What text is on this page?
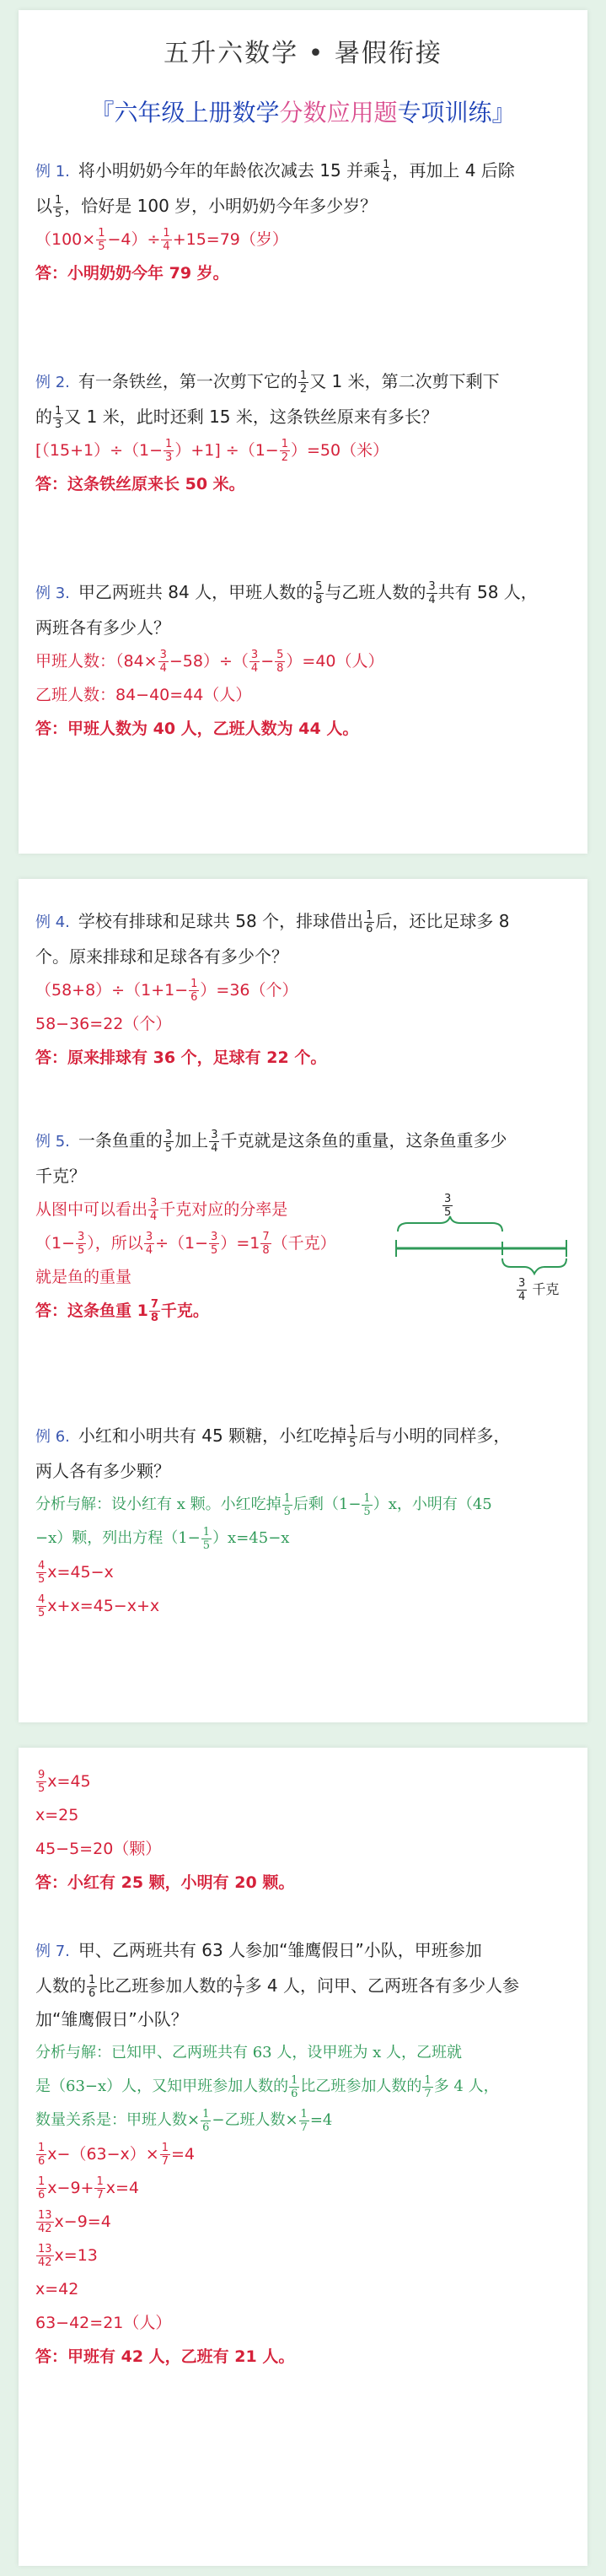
五升六数学 • 暑假衔接
『六年级上册数学分数应用题专项训练』

例 1. 将小明奶奶今年的年龄依次减去 15 并乘 $\frac{1}{4}$ ，再加上 4 后除
以 $\frac{1}{5}$ ，恰好是 100 岁，小明奶奶今年多少岁？

$(100\times \frac{1}{5} -4)\div \frac{1}{4} +15=79$（岁）

答：小明奶奶今年 79 岁。

例 2. 有一条铁丝，第一次剪下它的 $\frac{1}{2}$ 又 1 米，第二次剪下剩下
的 $\frac{1}{3}$ 又 1 米，此时还剩 15 米，这条铁丝原来有多长？

$[(15+1)\div(1- \frac{1}{3} )+1] \div(1- \frac{1}{2} )=50$（米）

答：这条铁丝原来长 50 米。

例 3. 甲乙两班共 84 人，甲班人数的 $\frac{5}{8}$ 与乙班人数的 $\frac{3}{4}$ 共有 58 人，
两班各有多少人？

甲班人数：$(84\times \frac{3}{4} -58)\div( \frac{3}{4} - \frac{5}{8} )=40$（人）

乙班人数：84−40=44（人）

答：甲班人数为 40 人，乙班人数为 44 人。

例 4. 学校有排球和足球共 58 个，排球借出 $\frac{1}{6}$ 后，还比足球多 8
个。原来排球和足球各有多少个？

$(58+8)\div(1+1- \frac{1}{6} )=36$（个）

58−36=22（个）

答：原来排球有 36 个，足球有 22 个。

例 5. 一条鱼重的 $\frac{3}{5}$ 加上 $\frac{3}{4}$ 千克就是这条鱼的重量，这条鱼重多少
千克？

从图中可以看出 $\frac{3}{4}$ 千克对应的分率是

（$1- \frac{3}{5}$ ），所以 $\frac{3}{4} \div(1- \frac{3}{5} )=1 \frac{7}{8}$ （千克）

就是鱼的重量

答：这条鱼重 $1 \frac{7}{8}$ 千克。

3
5
$\frac{3}{4}$ 千克

例 6. 小红和小明共有 45 颗糖，小红吃掉 $\frac{1}{5}$ 后与小明的同样多，
两人各有多少颗？

分析与解：设小红有 x 颗。小红吃掉 $\frac{1}{5}$ 后剩$(1- \frac{1}{5} )x$，小明有（45
−x）颗，列出方程$(1- \frac{1}{5} )x=45-x$

$\frac{4}{5} x=45-x$

$\frac{4}{5} x+x=45-x+x$

$\frac{9}{5} x=45$

x=25

45−5=20（颗）

答：小红有 25 颗，小明有 20 颗。

例 7. 甲、乙两班共有 63 人参加“雏鹰假日”小队，甲班参加
人数的 $\frac{1}{6}$ 比乙班参加人数的 $\frac{1}{7}$ 多 4 人，问甲、乙两班各有多少人参
加“雏鹰假日”小队？

分析与解：已知甲、乙两班共有 63 人，设甲班为 x 人，乙班就
是（63−x）人，又知甲班参加人数的 $\frac{1}{6}$ 比乙班参加人数的 $\frac{1}{7}$ 多 4 人，
数量关系是：甲班人数× $\frac{1}{6}$ −乙班人数× $\frac{1}{7} =4$

$\frac{1}{6} x-(63-x)\times \frac{1}{7} =4$

$\frac{1}{6} x-9+ \frac{1}{7} x=4$

$\frac{13}{42} x-9=4$

$\frac{13}{42} x=13$

x=42

63−42=21（人）

答：甲班有 42 人，乙班有 21 人。
